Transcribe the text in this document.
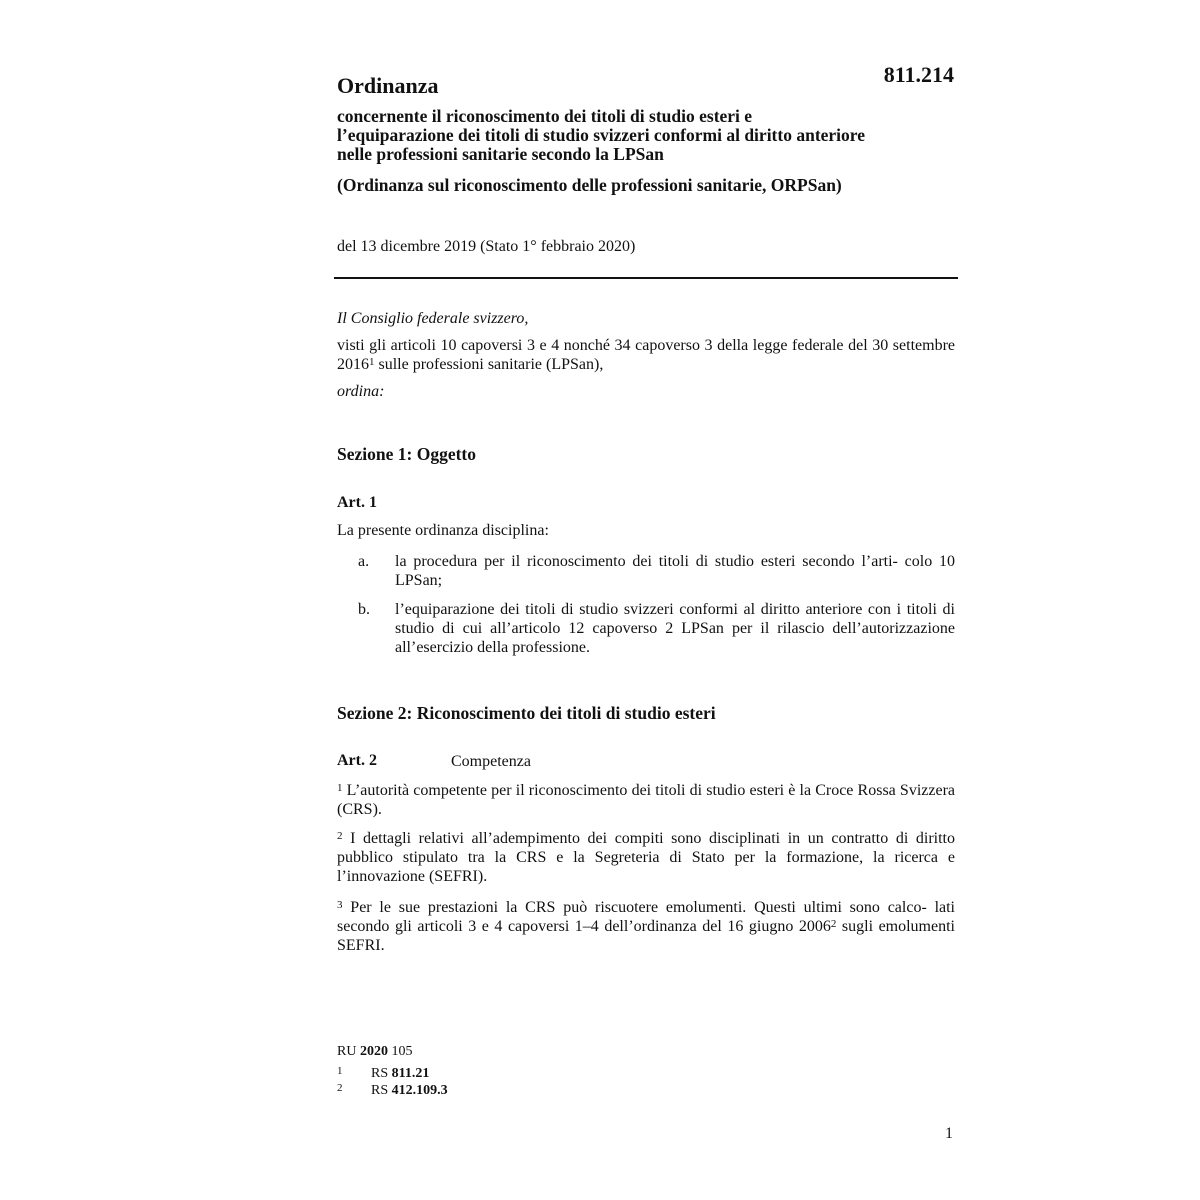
Ordinanza	811.214
concernente il riconoscimento dei titoli di studio esteri e
l’equiparazione dei titoli di studio svizzeri conformi al diritto anteriore
nelle professioni sanitarie secondo la LPSan
(Ordinanza sul riconoscimento delle professioni sanitarie, ORPSan)
del 13 dicembre 2019 (Stato 1° febbraio 2020)
Il Consiglio federale svizzero,
visti gli articoli 10 capoversi 3 e 4 nonché 34 capoverso 3 della legge federale del 30 settembre 2016$^1$ sulle professioni sanitarie (LPSan),
ordina:
Sezione 1: Oggetto
Art. 1
La presente ordinanza disciplina:
a. la procedura per il riconoscimento dei titoli di studio esteri secondo l’arti- colo 10 LPSan;
b. l’equiparazione dei titoli di studio svizzeri conformi al diritto anteriore con i titoli di studio di cui all’articolo 12 capoverso 2 LPSan per il rilascio dell’autorizzazione all’esercizio della professione.
Sezione 2: Riconoscimento dei titoli di studio esteri
Art. 2	Competenza
$^1$ L’autorità competente per il riconoscimento dei titoli di studio esteri è la Croce Rossa Svizzera (CRS).
$^2$ I dettagli relativi all’adempimento dei compiti sono disciplinati in un contratto di diritto pubblico stipulato tra la CRS e la Segreteria di Stato per la formazione, la ricerca e l’innovazione (SEFRI).
$^3$ Per le sue prestazioni la CRS può riscuotere emolumenti. Questi ultimi sono calco- lati secondo gli articoli 3 e 4 capoversi 1–4 dell’ordinanza del 16 giugno 2006$^2$ sugli emolumenti SEFRI.
RU 2020 105
1 RS 811.21
2 RS 412.109.3
1
